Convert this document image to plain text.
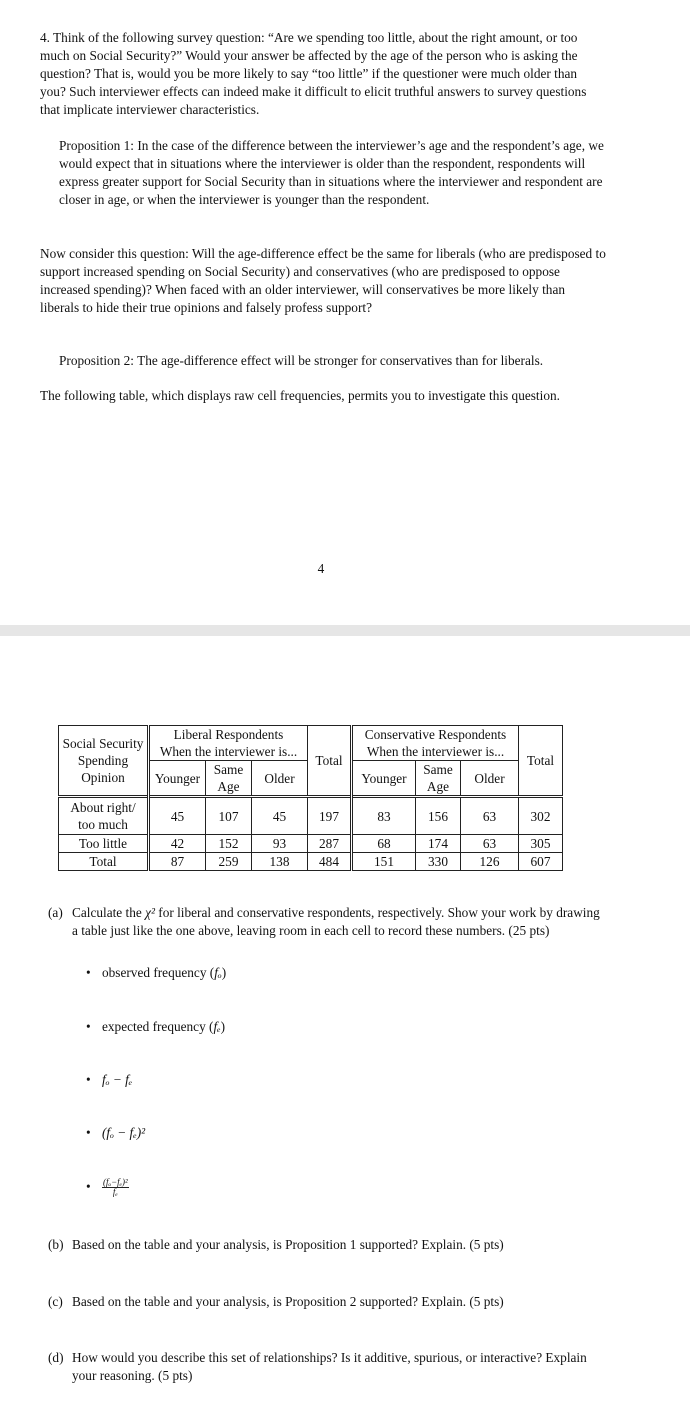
4. Think of the following survey question: “Are we spending too little, about the right amount, or too much on Social Security?” Would your answer be affected by the age of the person who is asking the question? That is, would you be more likely to say “too little” if the questioner were much older than you? Such interviewer effects can indeed make it difficult to elicit truthful answers to survey questions that implicate interviewer characteristics.

Proposition 1: In the case of the difference between the interviewer’s age and the respondent’s age, we would expect that in situations where the interviewer is older than the respondent, respondents will express greater support for Social Security than in situations where the interviewer and respondent are closer in age, or when the interviewer is younger than the respondent.

Now consider this question: Will the age-difference effect be the same for liberals (who are predisposed to support increased spending on Social Security) and conservatives (who are predisposed to oppose increased spending)? When faced with an older interviewer, will conservatives be more likely than liberals to hide their true opinions and falsely profess support?

Proposition 2: The age-difference effect will be stronger for conservatives than for liberals.

The following table, which displays raw cell frequencies, permits you to investigate this question.

4
Social Security Spending Opinion	Liberal Respondents			Total	Conservative Respondents			Total
	When the interviewer is...				When the interviewer is...			
	Younger	Same Age	Older		Younger	Same Age	Older	
About right/ too much	45	107	45	197	83	156	63	302
Too little	42	152	93	287	68	174	63	305
Total	87	259	138	484	151	330	126	607
(a) Calculate the χ² for liberal and conservative respondents, respectively. Show your work by drawing a table just like the one above, leaving room in each cell to record these numbers. (25 pts)
• observed frequency (fₒ)
• expected frequency (fₑ)
• fₒ − fₑ
• (fₒ − fₑ)²
• $\frac{\text{(fₒ−fₑ)²}}{\text{fₑ}}$
(b) Based on the table and your analysis, is Proposition 1 supported? Explain. (5 pts)
(c) Based on the table and your analysis, is Proposition 2 supported? Explain. (5 pts)
(d) How would you describe this set of relationships? Is it additive, spurious, or interactive? Explain your reasoning. (5 pts)
